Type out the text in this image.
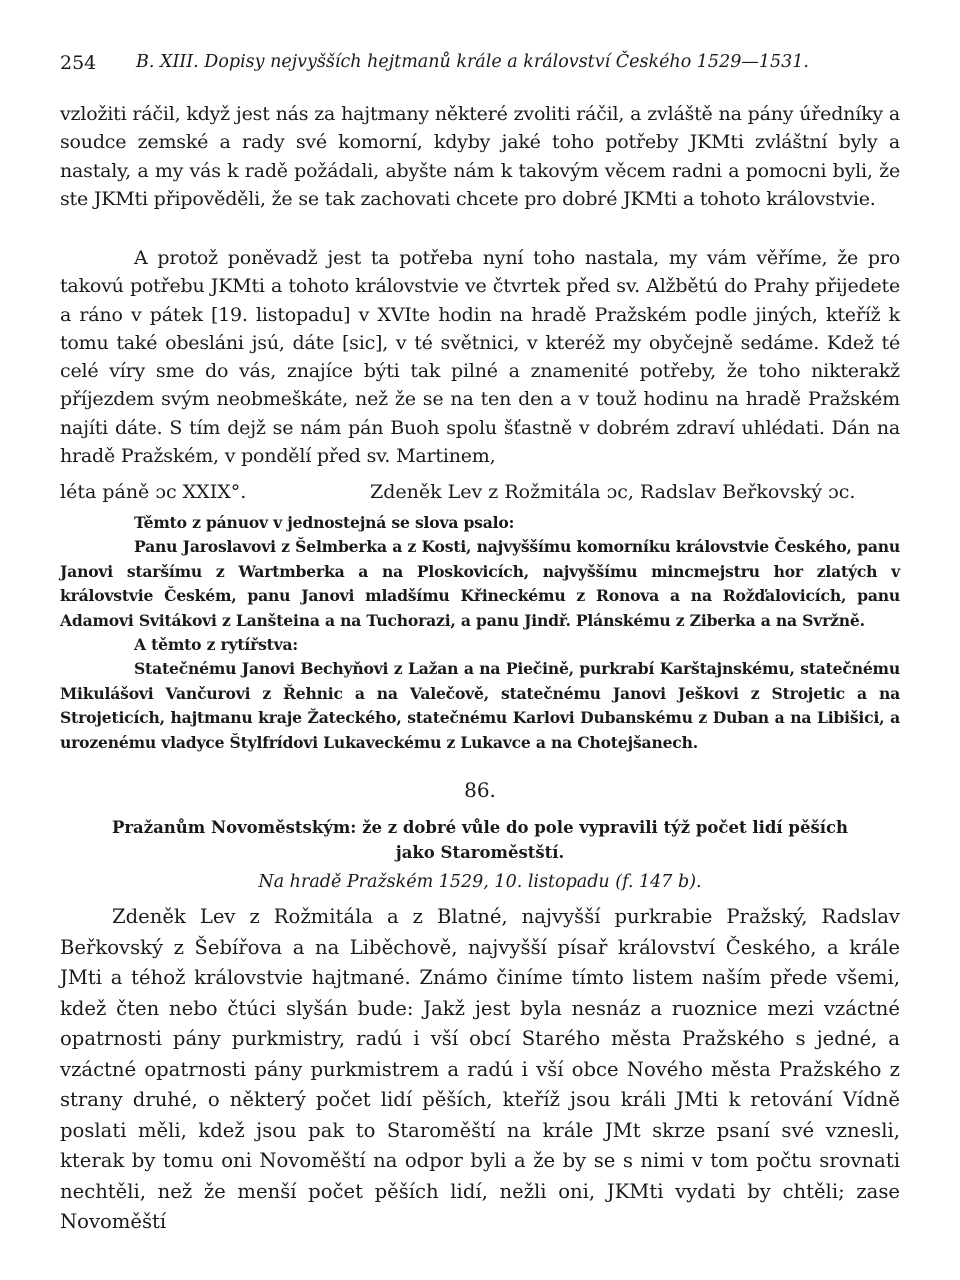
254 B. XIII. Dopisy nejvyšších hejtmanů krále a království Českého 1529—1531.

vzložiti ráčil, když jest nás za hajtmany některé zvoliti ráčil, a zvláště na pány úředníky a soudce zemské a rady své komorní, kdyby jaké toho potřeby JKMti zvláštní byly a nastaly, a my vás k radě požádali, abyšte nám k takovým věcem radni a pomocni byli, že ste JKMti připověděli, že se tak zachovati chcete pro dobré JKMti a tohoto královstvie.

A protož poněvadž jest ta potřeba nyní toho nastala, my vám věříme, že pro takovú potřebu JKMti a tohoto královstvie ve čtvrtek před sv. Alžbětú do Prahy přijedete a ráno v pátek [19. listopadu] v XVIte hodin na hradě Pražském podle jiných, kteříž k tomu také obesláni jsú, dáte [sic], v té světnici, v kteréž my obyčejně sedáme. Kdež té celé víry sme do vás, znajíce býti tak pilné a znamenité potřeby, že toho nikterakž příjezdem svým neobmeškáte, než že se na ten den a v touž hodinu na hradě Pražském najíti dáte. S tím dejž se nám pán Buoh spolu šťastně v dobrém zdraví uhlédati. Dán na hradě Pražském, v pondělí před sv. Martinem,

léta páně ɔc XXIX°.	Zdeněk Lev z Rožmitála ɔc, Radslav Beřkovský ɔc.

Těmto z pánuov v jednostejná se slova psalo:

Panu Jaroslavovi z Šelmberka a z Kosti, najvyššímu komorníku královstvie Českého, panu Janovi staršímu z Wartmberka a na Ploskovicích, najvyššímu mincmejstru hor zlatých v královstvie Českém, panu Janovi mladšímu Křineckému z Ronova a na Rožďalovicích, panu Adamovi Svitákovi z Lanšteina a na Tuchorazi, a panu Jindř. Plánskému z Ziberka a na Svržně.

A těmto z rytířstva:

Statečnému Janovi Bechyňovi z Lažan a na Piečině, purkrabí Karštajnskému, statečnému Mikulášovi Vančurovi z Řehnic a na Valečově, statečnému Janovi Ješkovi z Strojetic a na Strojeticích, hajtmanu kraje Žateckého, statečnému Karlovi Dubanskému z Duban a na Libišici, a urozenému vladyce Štylfrídovi Lukaveckému z Lukavce a na Chotejšanech.

86.

Pražanům Novoměstským: že z dobré vůle do pole vypravili týž počet lidí pěších jako Staroměstští.

Na hradě Pražském 1529, 10. listopadu (f. 147 b).

Zdeněk Lev z Rožmitála a z Blatné, najvyšší purkrabie Pražský, Radslav Beřkovský z Šebířova a na Liběchově, najvyšší písař království Českého, a krále JMti a téhož královstvie hajtmané. Známo činíme tímto listem naším přede všemi, kdež čten nebo čtúci slyšán bude: Jakž jest byla nesnáz a ruoznice mezi vzáctné opatrnosti pány purkmistry, radú i vší obcí Starého města Pražského s jedné, a vzáctné opatrnosti pány purkmistrem a radú i vší obce Nového města Pražského z strany druhé, o některý počet lidí pěších, kteříž jsou králi JMti k retování Vídně poslati měli, kdež jsou pak to Staroměští na krále JMt skrze psaní své vznesli, kterak by tomu oni Novoměští na odpor byli a že by se s nimi v tom počtu srovnati nechtěli, než že menší počet pěších lidí, nežli oni, JKMti vydati by chtěli; zase Novoměští
